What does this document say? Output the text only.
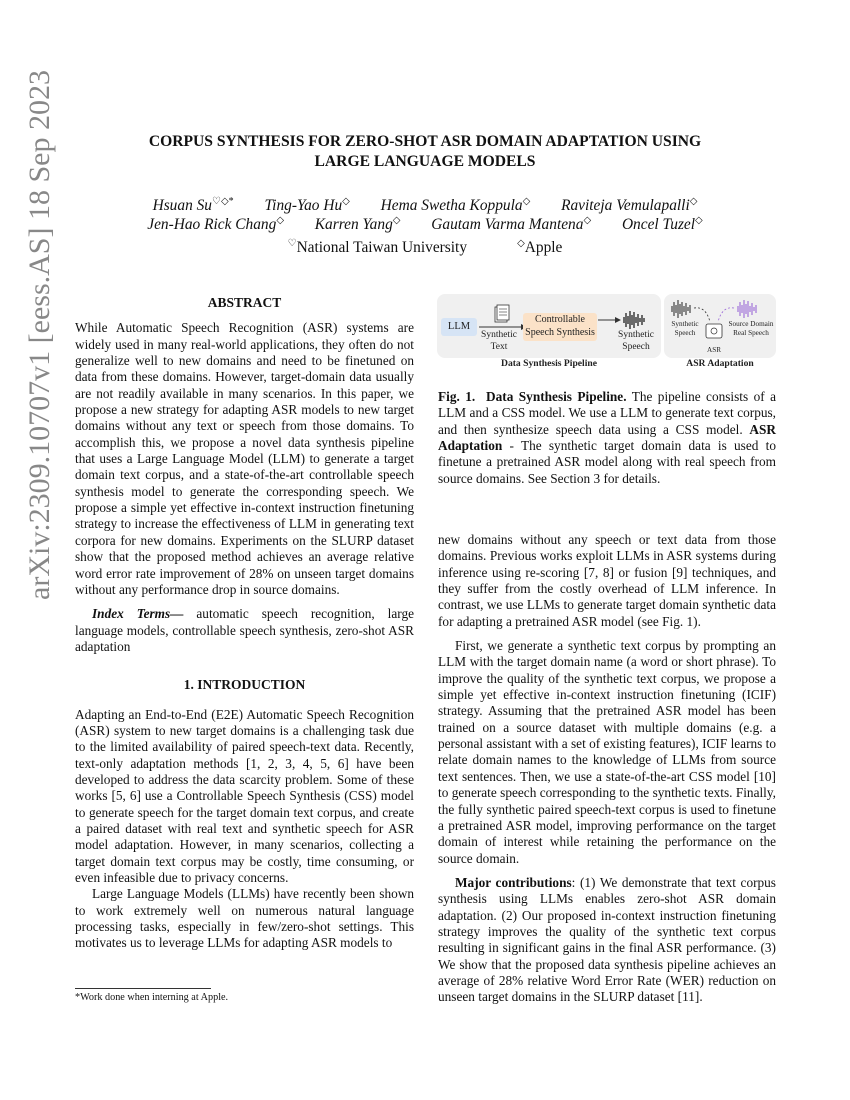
arXiv:2309.10707v1 [eess.AS] 18 Sep 2023	CORPUS SYNTHESIS FOR ZERO-SHOT ASR DOMAIN ADAPTATION USING
LARGE LANGUAGE MODELS
Hsuan Su♡◇* Ting-Yao Hu◇ Hema Swetha Koppula◇ Raviteja Vemulapalli◇
Jen-Hao Rick Chang◇ Karren Yang◇ Gautam Varma Mantena◇ Oncel Tuzel◇
♡National Taiwan University	◇Apple
ABSTRACT

While Automatic Speech Recognition (ASR) systems are widely used in many real-world applications, they often do not generalize well to new domains and need to be finetuned on data from these domains. However, target-domain data usually are not readily available in many scenarios. In this paper, we propose a new strategy for adapting ASR models to new target domains without any text or speech from those domains. To accomplish this, we propose a novel data synthesis pipeline that uses a Large Language Model (LLM) to generate a target domain text corpus, and a state-of-the-art controllable speech synthesis model to generate the corresponding speech. We propose a simple yet effective in-context instruction finetuning strategy to increase the effectiveness of LLM in generating text corpora for new domains. Experiments on the SLURP dataset show that the proposed method achieves an average relative word error rate improvement of 28% on unseen target domains without any performance drop in source domains.

Index Terms— automatic speech recognition, large language models, controllable speech synthesis, zero-shot ASR adaptation

1. INTRODUCTION

Adapting an End-to-End (E2E) Automatic Speech Recognition (ASR) system to new target domains is a challenging task due to the limited availability of paired speech-text data. Recently, text-only adaptation methods [1, 2, 3, 4, 5, 6] have been developed to address the data scarcity problem. Some of these works [5, 6] use a Controllable Speech Synthesis (CSS) model to generate speech for the target domain text corpus, and create a paired dataset with real text and synthetic speech for ASR model adaptation. However, in many scenarios, collecting a target domain text corpus may be costly, time consuming, or even infeasible due to privacy concerns.

Large Language Models (LLMs) have recently been shown to work extremely well on numerous natural language processing tasks, especially in few/zero-shot settings. This motivates us to leverage LLMs for adapting ASR models to

*Work done when interning at Apple.
LLM
Synthetic
Text
Controllable
Speech Synthesis	Synthetic
Speech
Data Synthesis Pipeline
Synthetic
Speech
Source Domain
Real Speech
ASR
ASR Adaptation
Fig. 1.  Data Synthesis Pipeline. The pipeline consists of a LLM and a CSS model. We use a LLM to generate text corpus, and then synthesize speech data using a CSS model. ASR Adaptation - The synthetic target domain data is used to finetune a pretrained ASR model along with real speech from source domains. See Section 3 for details.

new domains without any speech or text data from those domains. Previous works exploit LLMs in ASR systems during inference using re-scoring [7, 8] or fusion [9] techniques, and they suffer from the costly overhead of LLM inference. In contrast, we use LLMs to generate target domain synthetic data for adapting a pretrained ASR model (see Fig. 1).

First, we generate a synthetic text corpus by prompting an LLM with the target domain name (a word or short phrase). To improve the quality of the synthetic text corpus, we propose a simple yet effective in-context instruction finetuning (ICIF) strategy. Assuming that the pretrained ASR model has been trained on a source dataset with multiple domains (e.g. a personal assistant with a set of existing features), ICIF learns to relate domain names to the knowledge of LLMs from source text sentences. Then, we use a state-of-the-art CSS model [10] to generate speech corresponding to the synthetic texts. Finally, the fully synthetic paired speech-text corpus is used to finetune a pretrained ASR model, improving performance on the target domain of interest while retaining the performance on the source domain.

Major contributions: (1) We demonstrate that text corpus synthesis using LLMs enables zero-shot ASR domain adaptation. (2) Our proposed in-context instruction finetuning strategy improves the quality of the synthetic text corpus resulting in significant gains in the final ASR performance. (3) We show that the proposed data synthesis pipeline achieves an average of 28% relative Word Error Rate (WER) reduction on unseen target domains in the SLURP dataset [11].
